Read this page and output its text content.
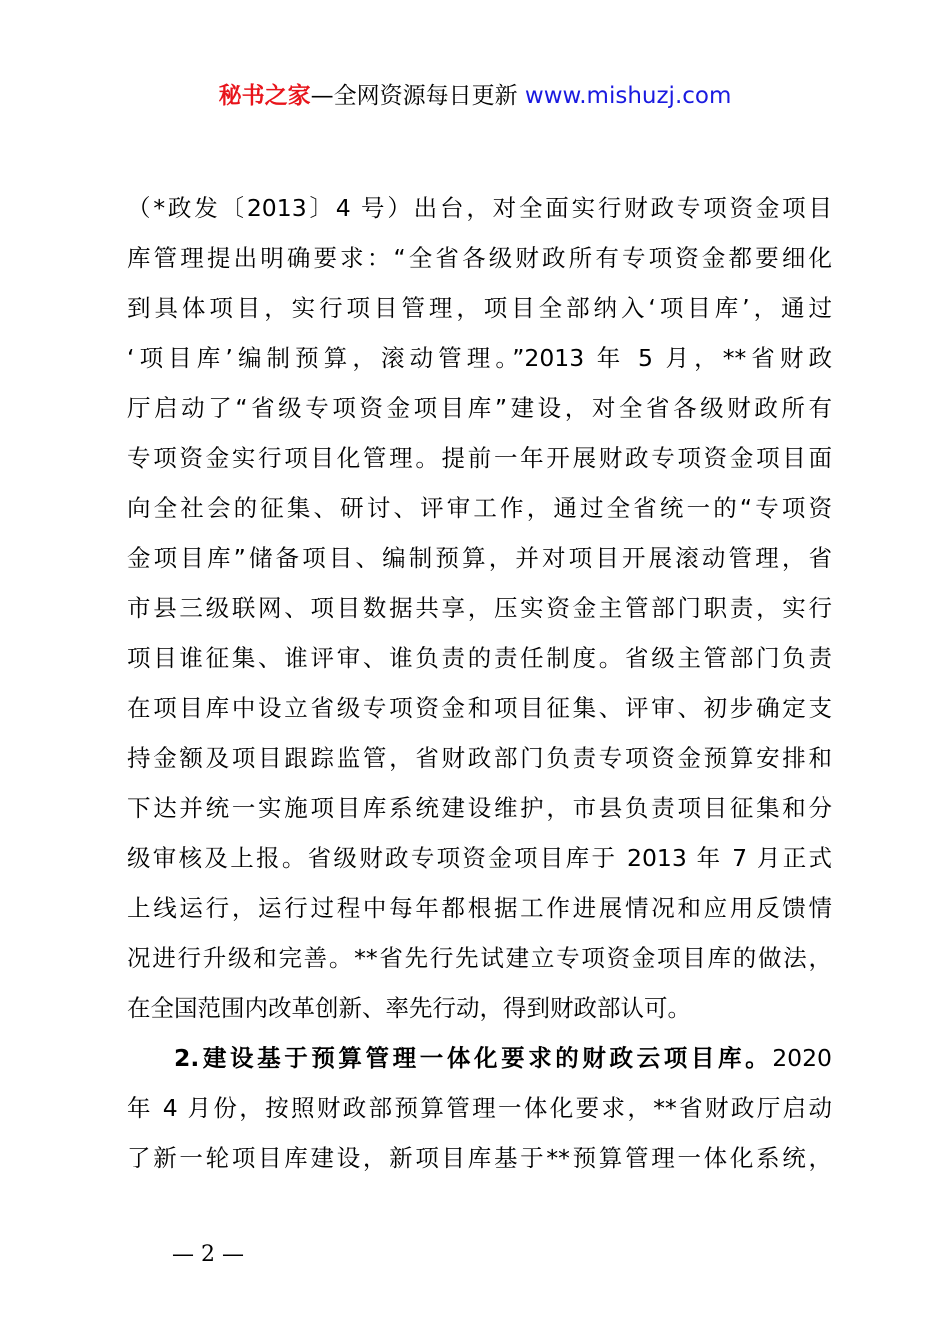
秘书之家—全网资源每日更新 www.mishuzj.com
（*政发〔2013〕4 号）出台，对全面实行财政专项资金项目
库管理提出明确要求：“全省各级财政所有专项资金都要细化
到具体项目，实行项目管理，项目全部纳入‘项目库’，通过
‘项目库’编制预算，滚动管理。”2013 年 5 月，**省财政
厅启动了“省级专项资金项目库”建设，对全省各级财政所有
专项资金实行项目化管理。提前一年开展财政专项资金项目面
向全社会的征集、研讨、评审工作，通过全省统一的“专项资
金项目库”储备项目、编制预算，并对项目开展滚动管理，省
市县三级联网、项目数据共享，压实资金主管部门职责，实行
项目谁征集、谁评审、谁负责的责任制度。省级主管部门负责
在项目库中设立省级专项资金和项目征集、评审、初步确定支
持金额及项目跟踪监管，省财政部门负责专项资金预算安排和
下达并统一实施项目库系统建设维护，市县负责项目征集和分
级审核及上报。省级财政专项资金项目库于 2013 年 7 月正式
上线运行，运行过程中每年都根据工作进展情况和应用反馈情
况进行升级和完善。**省先行先试建立专项资金项目库的做法，
在全国范围内改革创新、率先行动，得到财政部认可。
2.建设基于预算管理一体化要求的财政云项目库。2020
年 4 月份，按照财政部预算管理一体化要求，**省财政厅启动
了新一轮项目库建设，新项目库基于**预算管理一体化系统，
— 2 —
